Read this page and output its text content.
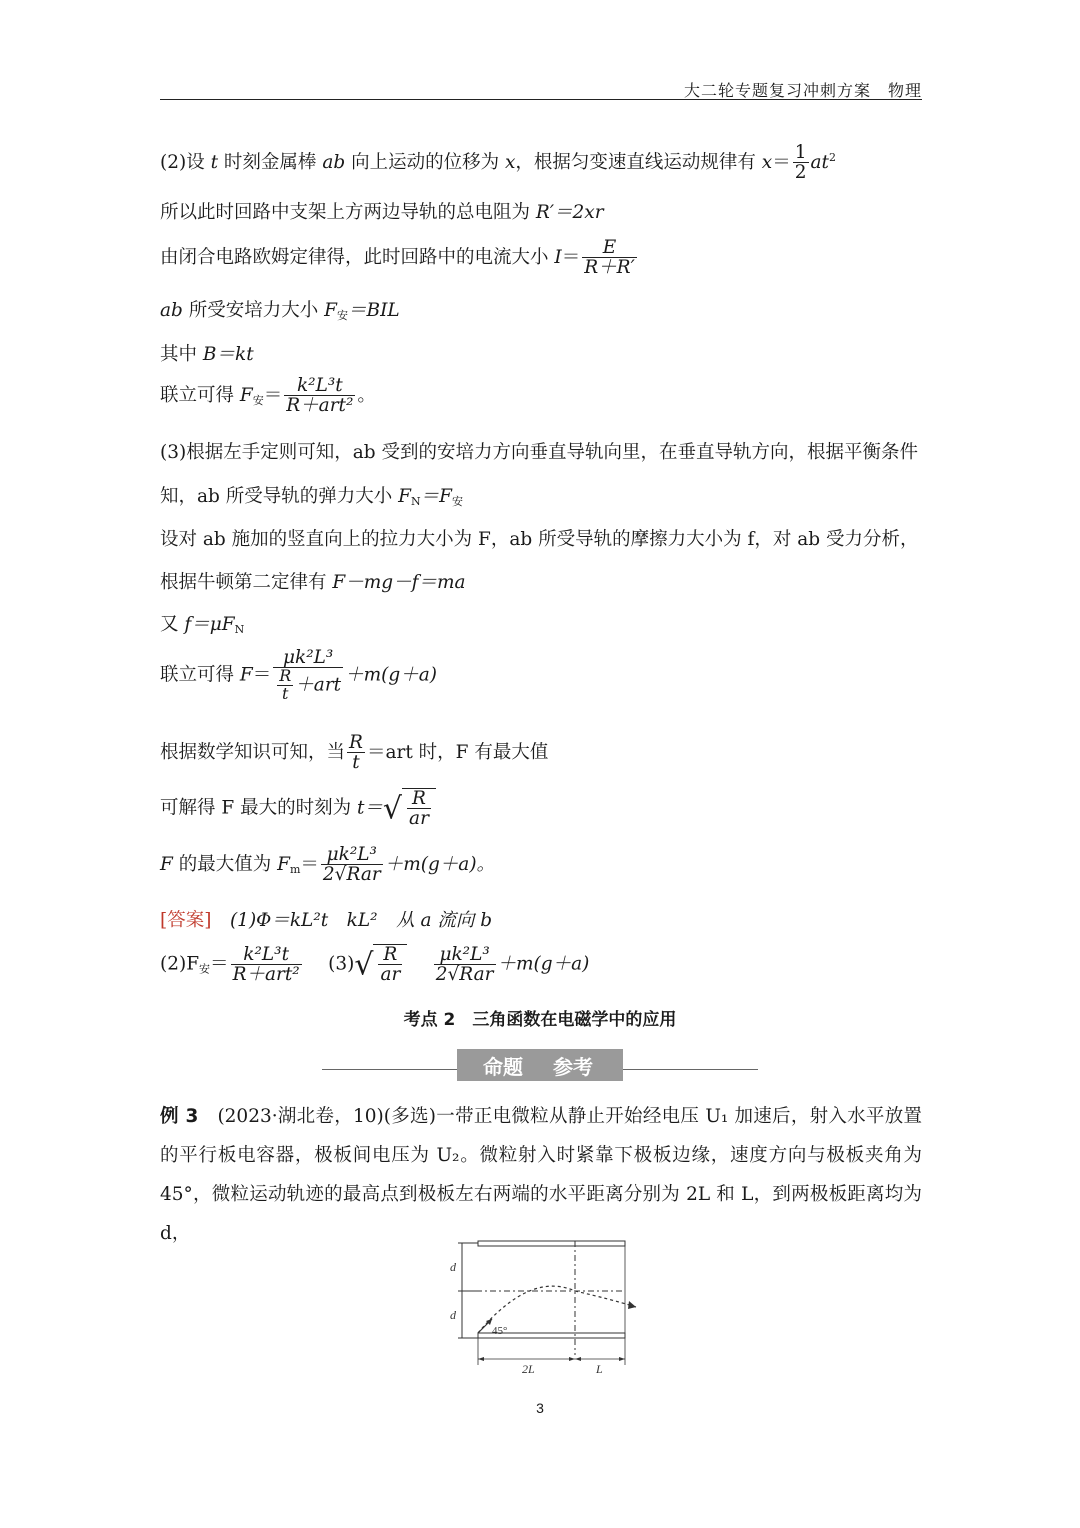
大二轮专题复习冲刺方案　物理
(2)设 t 时刻金属棒 ab 向上运动的位移为 x，根据匀变速直线运动规律有 $x= \frac{1}{2} at^2$
所以此时回路中支架上方两边导轨的总电阻为 R′＝2xr
由闭合电路欧姆定律得，此时回路中的电流大小 $I= \frac{E}{R+R'}$
ab 所受安培力大小 $F_安=BIL$
其中 B＝kt
联立可得 $F_安= \frac{\text{k²L³t}}{\text{R＋art²}}$ 。
(3)根据左手定则可知，ab 受到的安培力方向垂直导轨向里，在垂直导轨方向，根据平衡条件
知，ab 所受导轨的弹力大小 $F_N=F_安$
设对 ab 施加的竖直向上的拉力大小为 F，ab 所受导轨的摩擦力大小为 f，对 ab 受力分析，
根据牛顿第二定律有 F－mg－f＝ma
又 $f=\mu F_N$
联立可得 $F= \frac{\text{μk²L³}}{\frac{R}{t} +art} +m(g+a)$
根据数学知识可知，当 $\frac{R}{t} =art$ 时，F 有最大值
可解得 F 最大的时刻为 $t=√ \frac{R}{ar}$
F 的最大值为 $F_m= \frac{\text{μk²L³}}{\text{2√Rar}} +m(g+a)$。
[答案]　 (1)Φ＝kL²t　kL²　从 a 流向 b
$(2)F_安= \frac{\text{k²L³t}}{\text{R＋art²}}$
　 $(3)√ \frac{R}{ar}$
　 $\frac{\text{μk²L³}}{\text{2√Rar}} +m(g+a)$
考点 2　三角函数在电磁学中的应用
命题 参考
例 3　 (2023·湖北卷，10)(多选)一带正电微粒从静止开始经电压 U₁ 加速后，射入水平放置的平行板电容器，极板间电压为 U₂。微粒射入时紧靠下极板边缘，速度方向与极板夹角为 45°，微粒运动轨迹的最高点到极板左右两端的水平距离分别为 2L 和 L，到两极板距离均为 d，
d
d
45°
2L	L
3
